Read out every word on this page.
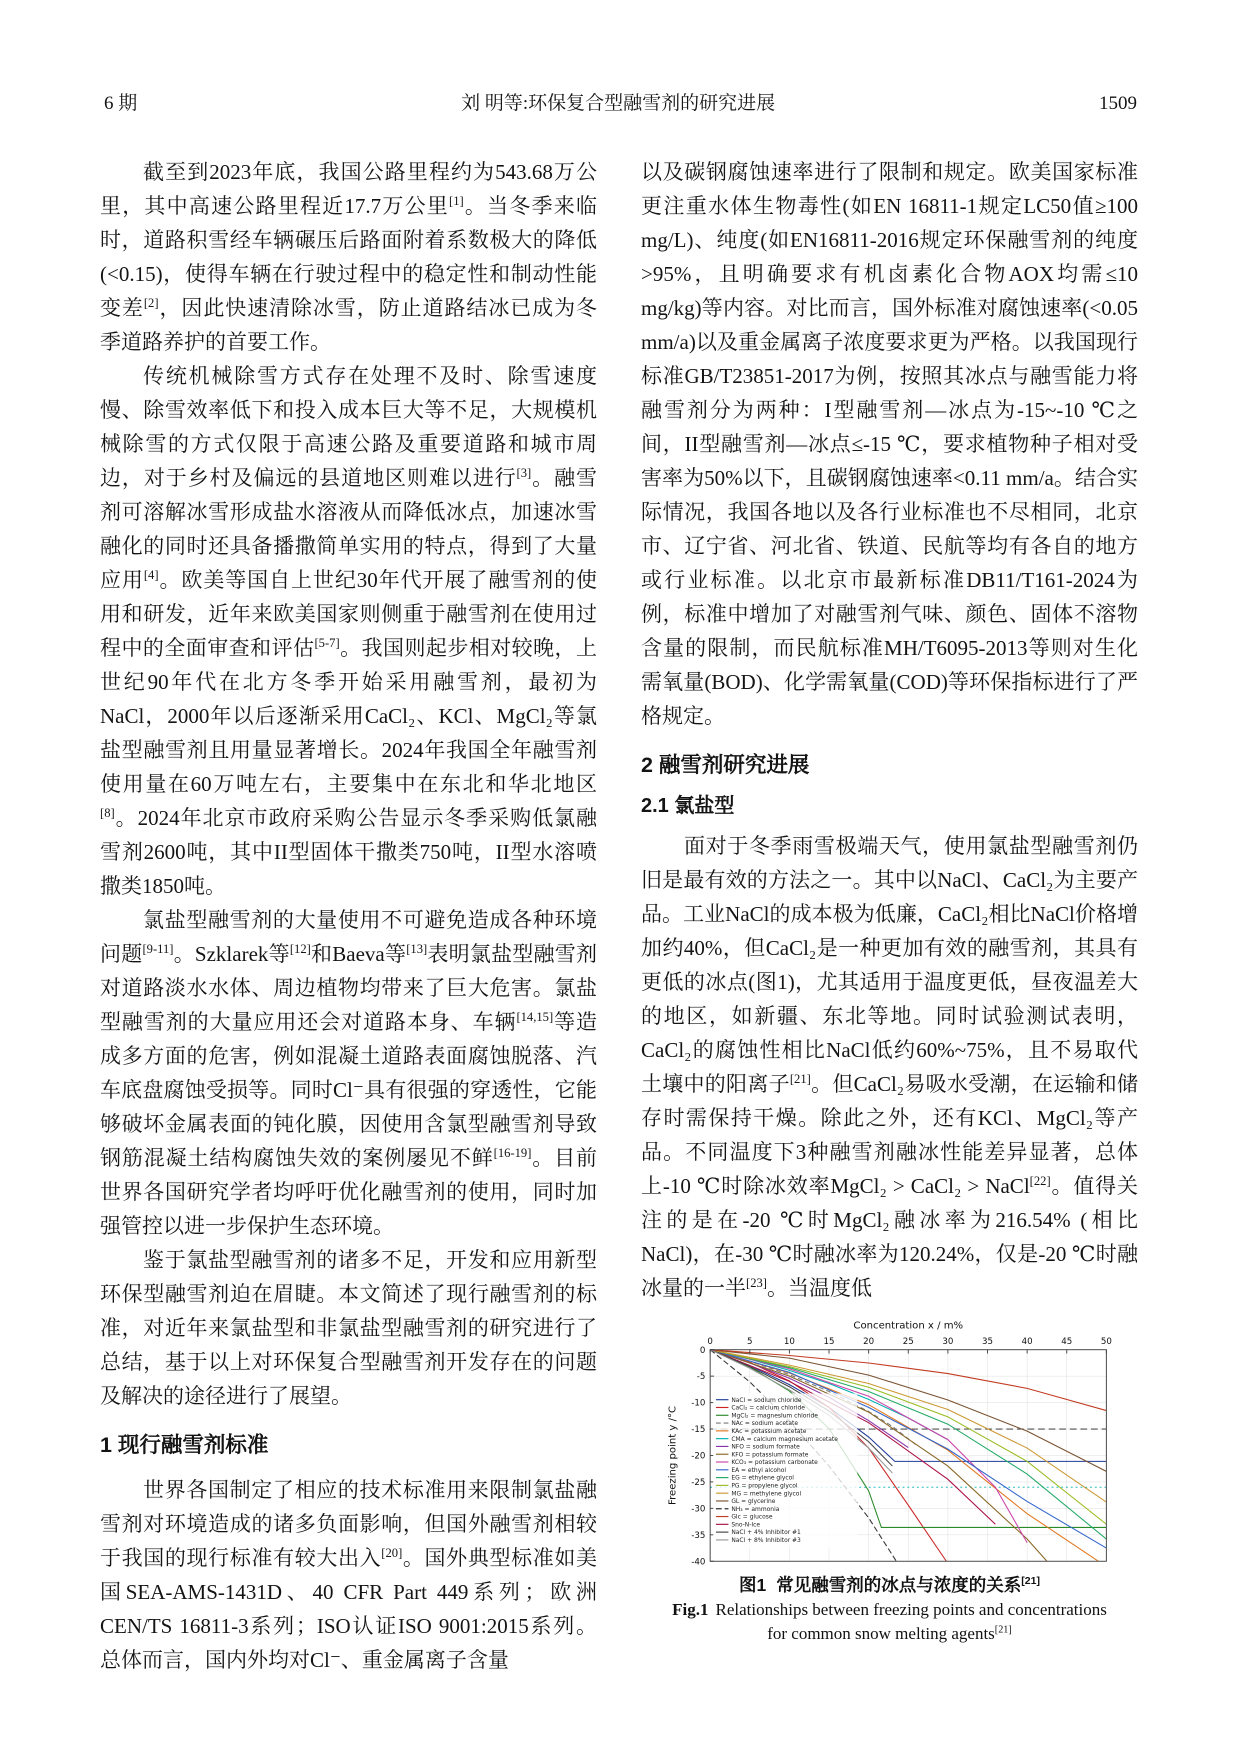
6 期	刘 明等:环保复合型融雪剂的研究进展	1509

截至到2023年底，我国公路里程约为543.68万公里，其中高速公路里程近17.7万公里[1]。当冬季来临时，道路积雪经车辆碾压后路面附着系数极大的降低(<0.15)，使得车辆在行驶过程中的稳定性和制动性能变差[2]，因此快速清除冰雪，防止道路结冰已成为冬季道路养护的首要工作。

传统机械除雪方式存在处理不及时、除雪速度慢、除雪效率低下和投入成本巨大等不足，大规模机械除雪的方式仅限于高速公路及重要道路和城市周边，对于乡村及偏远的县道地区则难以进行[3]。融雪剂可溶解冰雪形成盐水溶液从而降低冰点，加速冰雪融化的同时还具备播撒简单实用的特点，得到了大量应用[4]。欧美等国自上世纪30年代开展了融雪剂的使用和研发，近年来欧美国家则侧重于融雪剂在使用过程中的全面审查和评估[5-7]。我国则起步相对较晚，上世纪90年代在北方冬季开始采用融雪剂，最初为NaCl，2000年以后逐渐采用CaCl₂、KCl、MgCl₂等氯盐型融雪剂且用量显著增长。2024年我国全年融雪剂使用量在60万吨左右，主要集中在东北和华北地区[8]。2024年北京市政府采购公告显示冬季采购低氯融雪剂2600吨，其中II型固体干撒类750吨，II型水溶喷撒类1850吨。

氯盐型融雪剂的大量使用不可避免造成各种环境问题[9-11]。Szklarek等[12]和Baeva等[13]表明氯盐型融雪剂对道路淡水水体、周边植物均带来了巨大危害。氯盐型融雪剂的大量应用还会对道路本身、车辆[14,15]等造成多方面的危害，例如混凝土道路表面腐蚀脱落、汽车底盘腐蚀受损等。同时Cl⁻具有很强的穿透性，它能够破坏金属表面的钝化膜，因使用含氯型融雪剂导致钢筋混凝土结构腐蚀失效的案例屡见不鲜[16-19]。目前世界各国研究学者均呼吁优化融雪剂的使用，同时加强管控以进一步保护生态环境。

鉴于氯盐型融雪剂的诸多不足，开发和应用新型环保型融雪剂迫在眉睫。本文简述了现行融雪剂的标准，对近年来氯盐型和非氯盐型融雪剂的研究进行了总结，基于以上对环保复合型融雪剂开发存在的问题及解决的途径进行了展望。

1 现行融雪剂标准

世界各国制定了相应的技术标准用来限制氯盐融雪剂对环境造成的诸多负面影响，但国外融雪剂相较于我国的现行标准有较大出入[20]。国外典型标准如美国SEA-AMS-1431D、40 CFR Part 449系列；欧洲CEN/TS 16811-3系列；ISO认证ISO 9001:2015系列。总体而言，国内外均对Cl⁻、重金属离子含量

以及碳钢腐蚀速率进行了限制和规定。欧美国家标准更注重水体生物毒性(如EN 16811-1规定LC50值≥100 mg/L)、纯度(如EN16811-2016规定环保融雪剂的纯度>95%，且明确要求有机卤素化合物AOX均需≤10 mg/kg)等内容。对比而言，国外标准对腐蚀速率(<0.05 mm/a)以及重金属离子浓度要求更为严格。以我国现行标准GB/T23851-2017为例，按照其冰点与融雪能力将融雪剂分为两种：I型融雪剂—冰点为-15~-10 ℃之间，II型融雪剂—冰点≤-15 ℃，要求植物种子相对受害率为50%以下，且碳钢腐蚀速率<0.11 mm/a。结合实际情况，我国各地以及各行业标准也不尽相同，北京市、辽宁省、河北省、铁道、民航等均有各自的地方或行业标准。以北京市最新标准DB11/T161-2024为例，标准中增加了对融雪剂气味、颜色、固体不溶物含量的限制，而民航标准MH/T6095-2013等则对生化需氧量(BOD)、化学需氧量(COD)等环保指标进行了严格规定。

2 融雪剂研究进展
2.1 氯盐型

面对于冬季雨雪极端天气，使用氯盐型融雪剂仍旧是最有效的方法之一。其中以NaCl、CaCl₂为主要产品。工业NaCl的成本极为低廉，CaCl₂相比NaCl价格增加约40%，但CaCl₂是一种更加有效的融雪剂，其具有更低的冰点(图1)，尤其适用于温度更低，昼夜温差大的地区，如新疆、东北等地。同时试验测试表明，CaCl₂的腐蚀性相比NaCl低约60%~75%，且不易取代土壤中的阳离子[21]。但CaCl₂易吸水受潮，在运输和储存时需保持干燥。除此之外，还有KCl、MgCl₂等产品。不同温度下3种融雪剂融冰性能差异显著，总体上-10 ℃时除冰效率MgCl₂ > CaCl₂ > NaCl[22]。值得关注的是在-20 ℃时MgCl₂融冰率为216.54% (相比NaCl)，在-30 ℃时融冰率为120.24%，仅是-20 ℃时融冰量的一半[23]。当温度低

0	5	10	15	20	25	30	35	40	45	50
0
-5
-10
-15
-20
-25
-30
-35
-40
Concentration x / m%
Freezing point y /°C
NaCl = sodium chloride
CaCl₂ = calcium chloride
MgCl₂ = magnesium chloride
NAc = sodium acetate
KAc = potassium acetate
CMA = calcium magnesium acetate
NFO = sodium formate
KFO = potassium formate
KCO₃ = potassium carbonate
EA = ethyl alcohol
EG = ethylene glycol
PG = propylene glycol
MG = methylene glycol
GL = glycerine
NH₃ = ammonia
Glc = glucose
Sno-N-Ice
NaCl + 4% Inhibitor #1
NaCl + 8% Inhibitor #3
图1 常见融雪剂的冰点与浓度的关系[21]
Fig.1 Relationships between freezing points and concentrations for common snow melting agents[21]
